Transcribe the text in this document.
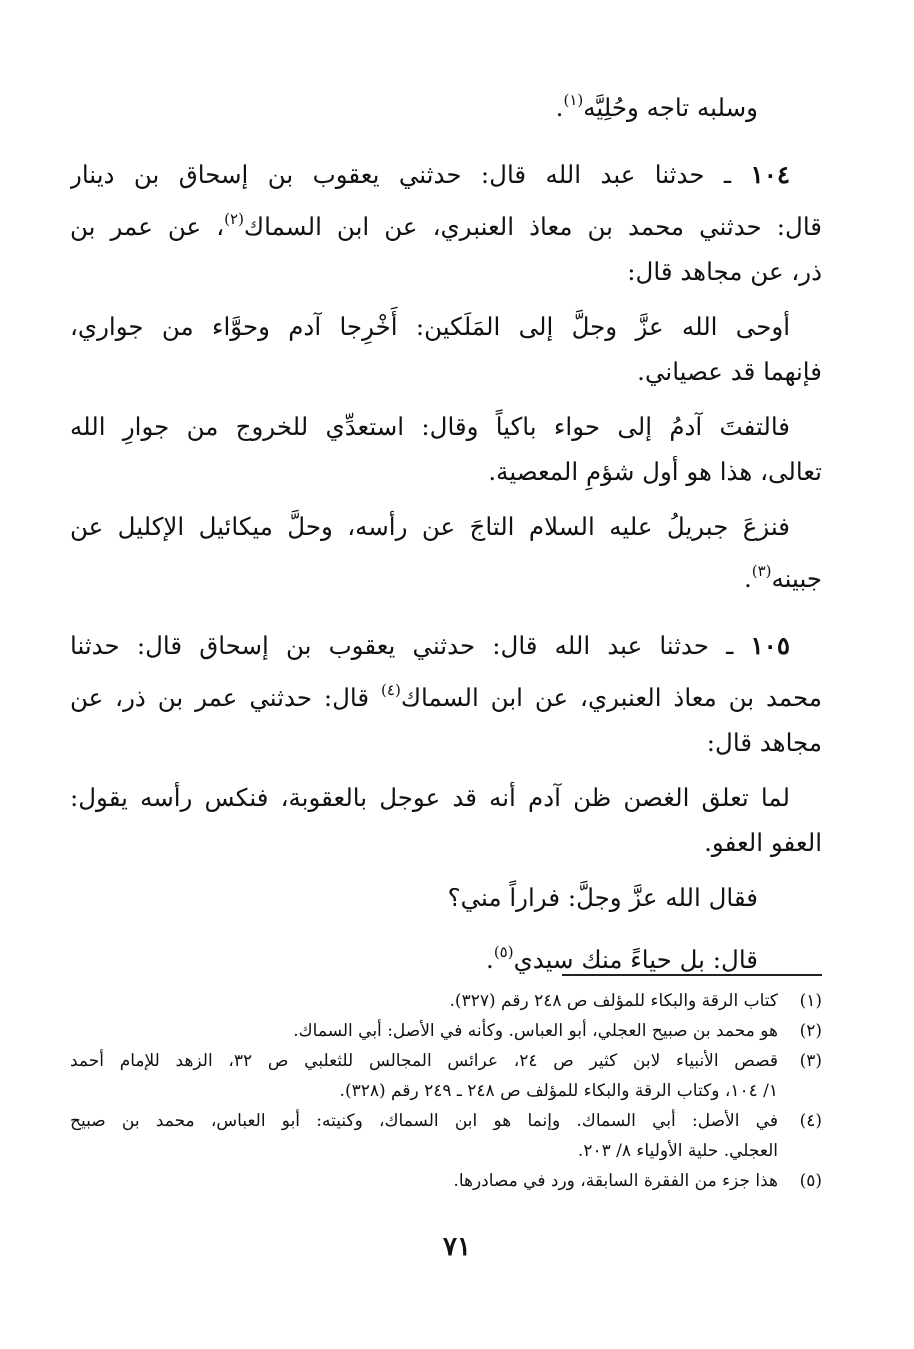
وسلبه تاجه وحُلِيَّه$^{(١)}$.
١٠٤ ـ حدثنا عبد الله قال: حدثني يعقوب بن إسحاق بن دينار
قال: حدثني محمد بن معاذ العنبري، عن ابن السماك$^{(٢)}$، عن عمر بن
ذر، عن مجاهد قال:
أوحى الله عزَّ وجلَّ إلى المَلَكين: أَخْرِجا آدم وحوَّاء من جواري،
فإنهما قد عصياني.
فالتفتَ آدمُ إلى حواء باكياً وقال: استعدِّي للخروج من جوارِ الله
تعالى، هذا هو أول شؤمِ المعصية.
فنزعَ جبريلُ عليه السلام التاجَ عن رأسه، وحلَّ ميكائيل الإكليل عن
جبينه$^{(٣)}$.
١٠٥ ـ حدثنا عبد الله قال: حدثني يعقوب بن إسحاق قال: حدثنا
محمد بن معاذ العنبري، عن ابن السماك$^{(٤)}$ قال: حدثني عمر بن ذر، عن
مجاهد قال:
لما تعلق الغصن ظن آدم أنه قد عوجل بالعقوبة، فنكس رأسه يقول:
العفو العفو.
فقال الله عزَّ وجلَّ: فراراً مني؟
قال: بل حياءً منك سيدي$^{(٥)}$.
(١)
كتاب الرقة والبكاء للمؤلف ص ٢٤٨ رقم (٣٢٧).
(٢)
هو محمد بن صبيح العجلي، أبو العباس. وكأنه في الأصل: أبي السماك.
(٣)
قصص الأنبياء لابن كثير ص ٢٤، عرائس المجالس للثعلبي ص ٣٢، الزهد للإمام أحمد
١/ ١٠٤، وكتاب الرقة والبكاء للمؤلف ص ٢٤٨ ـ ٢٤٩ رقم (٣٢٨).
(٤)
في الأصل: أبي السماك. وإنما هو ابن السماك، وكنيته: أبو العباس، محمد بن صبيح
العجلي. حلية الأولياء ٨/ ٢٠٣.
(٥)
هذا جزء من الفقرة السابقة، ورد في مصادرها.
٧١
